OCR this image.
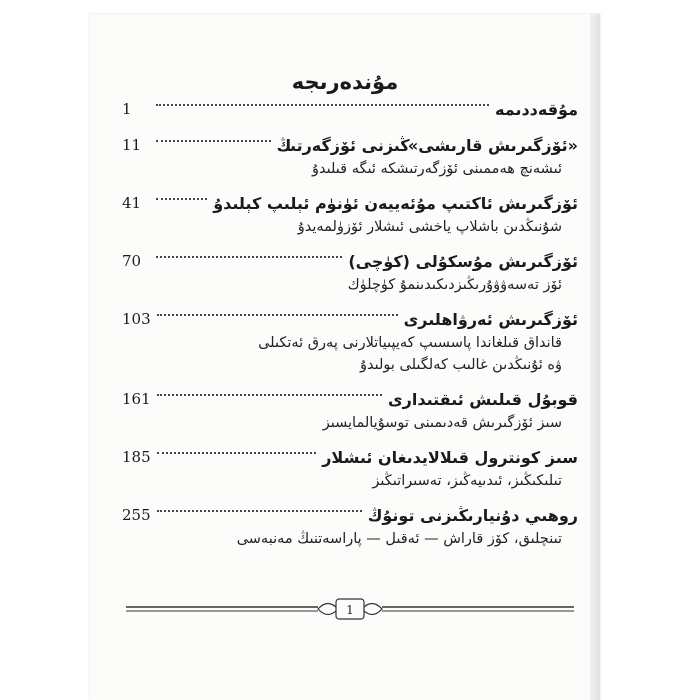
مۇندەرىجە
مۇقەددىمە
1
«ئۆزگىرىش قارىشى»ڭىزنى ئۆزگەرتىڭ
11
ئىشەنچ ھەممىنى ئۆزگەرتىشكە ئىگە قىلىدۇ
ئۆزگىرىش ئاكتىپ مۇئەييەن ئۈنۈم ئېلىپ كېلىدۇ
41
شۇنىڭدىن باشلاپ ياخشى ئىشلار ئۆزۈلمەيدۇ
ئۆزگىرىش مۇسكۇلى (كۈچى)
70
ئۆز تەسەۋۋۇرىڭىزدىكىدىنمۇ كۈچلۈك
ئۆزگىرىش ئەرۋاھلىرى
103
قانداق قىلغاندا پاسسىپ كەيپىياتلارنى پەرق ئەتكىلى
ۋە ئۇنىڭدىن غالىب كەلگىلى بولىدۇ
قوبۇل قىلىش ئىقتىدارى
161
سىز ئۆزگىرىش قەدىمىنى توسۇيالمايسىز
سىز كونترول قىلالايدىغان ئىشلار
185
تىلىكىڭىز، ئىدىيەڭىز، تەسىراتىڭىز
روھىي دۇنيارىڭىزنى تونۇڭ
255
تىنچلىق، كۆز قاراش — ئەقىل — پاراسەتنىڭ مەنبەسى
1
